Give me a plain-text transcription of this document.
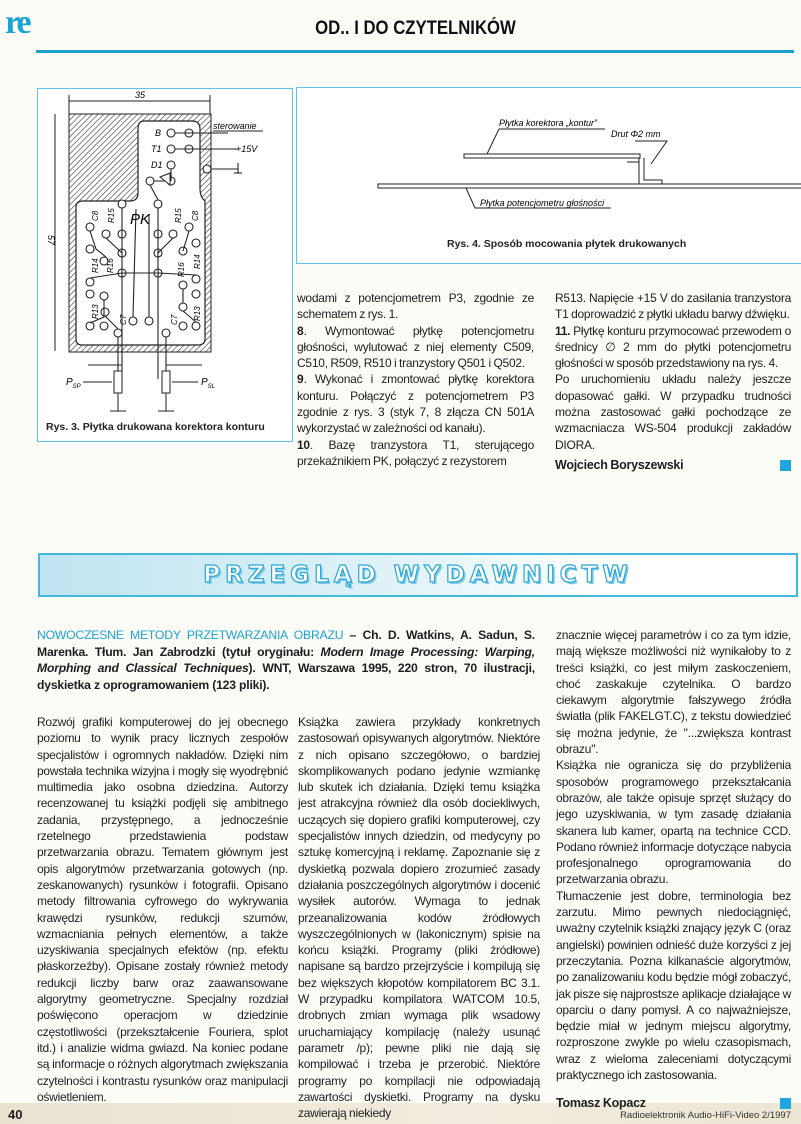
re	OD.. I DO CZYTELNIKÓW
35
57
sterowanie
+15V
B
T1
D1
PK
C8 R15
R14 R16
R13
C7
R15 C8
R16
R14
C7 R13
$P_{SP}$	$P_{SL}$
Rys. 3. Płytka drukowana korektora konturu
Płytka korektora „kontur”
Drut Φ2 mm
Płytka potencjometru głośności
Rys. 4. Sposób mocowania płytek drukowanych

wodami z potencjometrem P3, zgodnie ze schematem z rys. 1.

8. Wymontować płytkę potencjometru głośności, wylutować z niej elementy C509, C510, R509, R510 i tranzystory Q501 i Q502.

9. Wykonać i zmontować płytkę korektora konturu. Połączyć z potencjometrem P3 zgodnie z rys. 3 (styk 7, 8 złącza CN 501A wykorzystać w zależności od kanału).

10. Bazę tranzystora T1, sterującego przekaźnikiem PK, połączyć z rezystorem

R513. Napięcie +15 V do zasilania tranzystora T1 doprowadzić z płytki układu barwy dźwięku.

11. Płytkę konturu przymocować przewodem o średnicy ∅ 2 mm do płytki potencjometru głośności w sposób przedstawiony na rys. 4.

Po uruchomieniu układu należy jeszcze dopasować gałki. W przypadku trudności można zastosować gałki pochodzące ze wzmacniacza WS-504 produkcji zakładów DIORA.

Wojciech Boryszewski

PRZEGLĄD WYDAWNICTW
NOWOCZESNE METODY PRZETWARZANIA OBRAZU – Ch. D. Watkins, A. Sadun, S. Marenka. Tłum. Jan Zabrodzki (tytuł oryginału: Modern Image Processing: Warping, Morphing and Classical Techniques). WNT, Warszawa 1995, 220 stron, 70 ilustracji, dyskietka z oprogramowaniem (123 pliki).

Rozwój grafiki komputerowej do jej obecnego poziomu to wynik pracy licznych zespołów specjalistów i ogromnych nakładów. Dzięki nim powstała technika wizyjna i mogły się wyodrębnić multimedia jako osobna dziedzina. Autorzy recenzowanej tu książki podjęli się ambitnego zadania, przystępnego, a jednocześnie rzetelnego przedstawienia podstaw przetwarzania obrazu. Tematem głównym jest opis algorytmów przetwarzania gotowych (np. zeskanowanych) rysunków i fotografii. Opisano metody filtrowania cyfrowego do wykrywania krawędzi rysunków, redukcji szumów, wzmacniania pełnych elementów, a także uzyskiwania specjalnych efektów (np. efektu płaskorzeźby). Opisane zostały również metody redukcji liczby barw oraz zaawansowane algorytmy geometryczne. Specjalny rozdział poświęcono operacjom w dziedzinie częstotliwości (przekształcenie Fouriera, splot itd.) i analizie widma gwiazd. Na koniec podane są informacje o różnych algorytmach zwiększania czytelności i kontrastu rysunków oraz manipulacji oświetleniem.

Książka zawiera przykłady konkretnych zastosowań opisywanych algorytmów. Niektóre z nich opisano szczegółowo, o bardziej skomplikowanych podano jedynie wzmiankę lub skutek ich działania. Dzięki temu książka jest atrakcyjna również dla osób dociekliwych, uczących się dopiero grafiki komputerowej, czy specjalistów innych dziedzin, od medycyny po sztukę komercyjną i reklamę. Zapoznanie się z dyskietką pozwala dopiero zrozumieć zasady działania poszczególnych algorytmów i docenić wysiłek autorów. Wymaga to jednak przeanalizowania kodów źródłowych wyszczególnionych w (lakonicznym) spisie na końcu książki. Programy (pliki źródłowe) napisane są bardzo przejrzyście i kompilują się bez większych kłopotów kompilatorem BC 3.1. W przypadku kompilatora WATCOM 10.5, drobnych zmian wymaga plik wsadowy uruchamiający kompilację (należy usunąć parametr /p); pewne pliki nie dają się kompilować i trzeba je przerobić. Niektóre programy po kompilacji nie odpowiadają zawartości dyskietki. Programy na dysku zawierają niekiedy

znacznie więcej parametrów i co za tym idzie, mają większe możliwości niż wynikałoby to z treści książki, co jest miłym zaskoczeniem, choć zaskakuje czytelnika. O bardzo ciekawym algorytmie fałszywego źródła światła (plik FAKELGT.C), z tekstu dowiedzieć się można jedynie, że "...zwiększa kontrast obrazu".

Książka nie ogranicza się do przybliżenia sposobów programowego przekształcania obrazów, ale także opisuje sprzęt służący do jego uzyskiwania, w tym zasadę działania skanera lub kamer, opartą na technice CCD. Podano również informacje dotyczące nabycia profesjonalnego oprogramowania do przetwarzania obrazu.

Tłumaczenie jest dobre, terminologia bez zarzutu. Mimo pewnych niedociągnięć, uważny czytelnik książki znający język C (oraz angielski) powinien odnieść duże korzyści z jej przeczytania. Pozna kilkanaście algorytmów, po zanalizowaniu kodu będzie mógł zobaczyć, jak pisze się najprostsze aplikacje działające w oparciu o dany pomysł. A co najważniejsze, będzie miał w jednym miejscu algorytmy, rozproszone zwykle po wielu czasopismach, wraz z wieloma zaleceniami dotyczącymi praktycznego ich zastosowania.

Tomasz Kopacz

40	Radioelektronik Audio-HiFi-Video 2/1997
